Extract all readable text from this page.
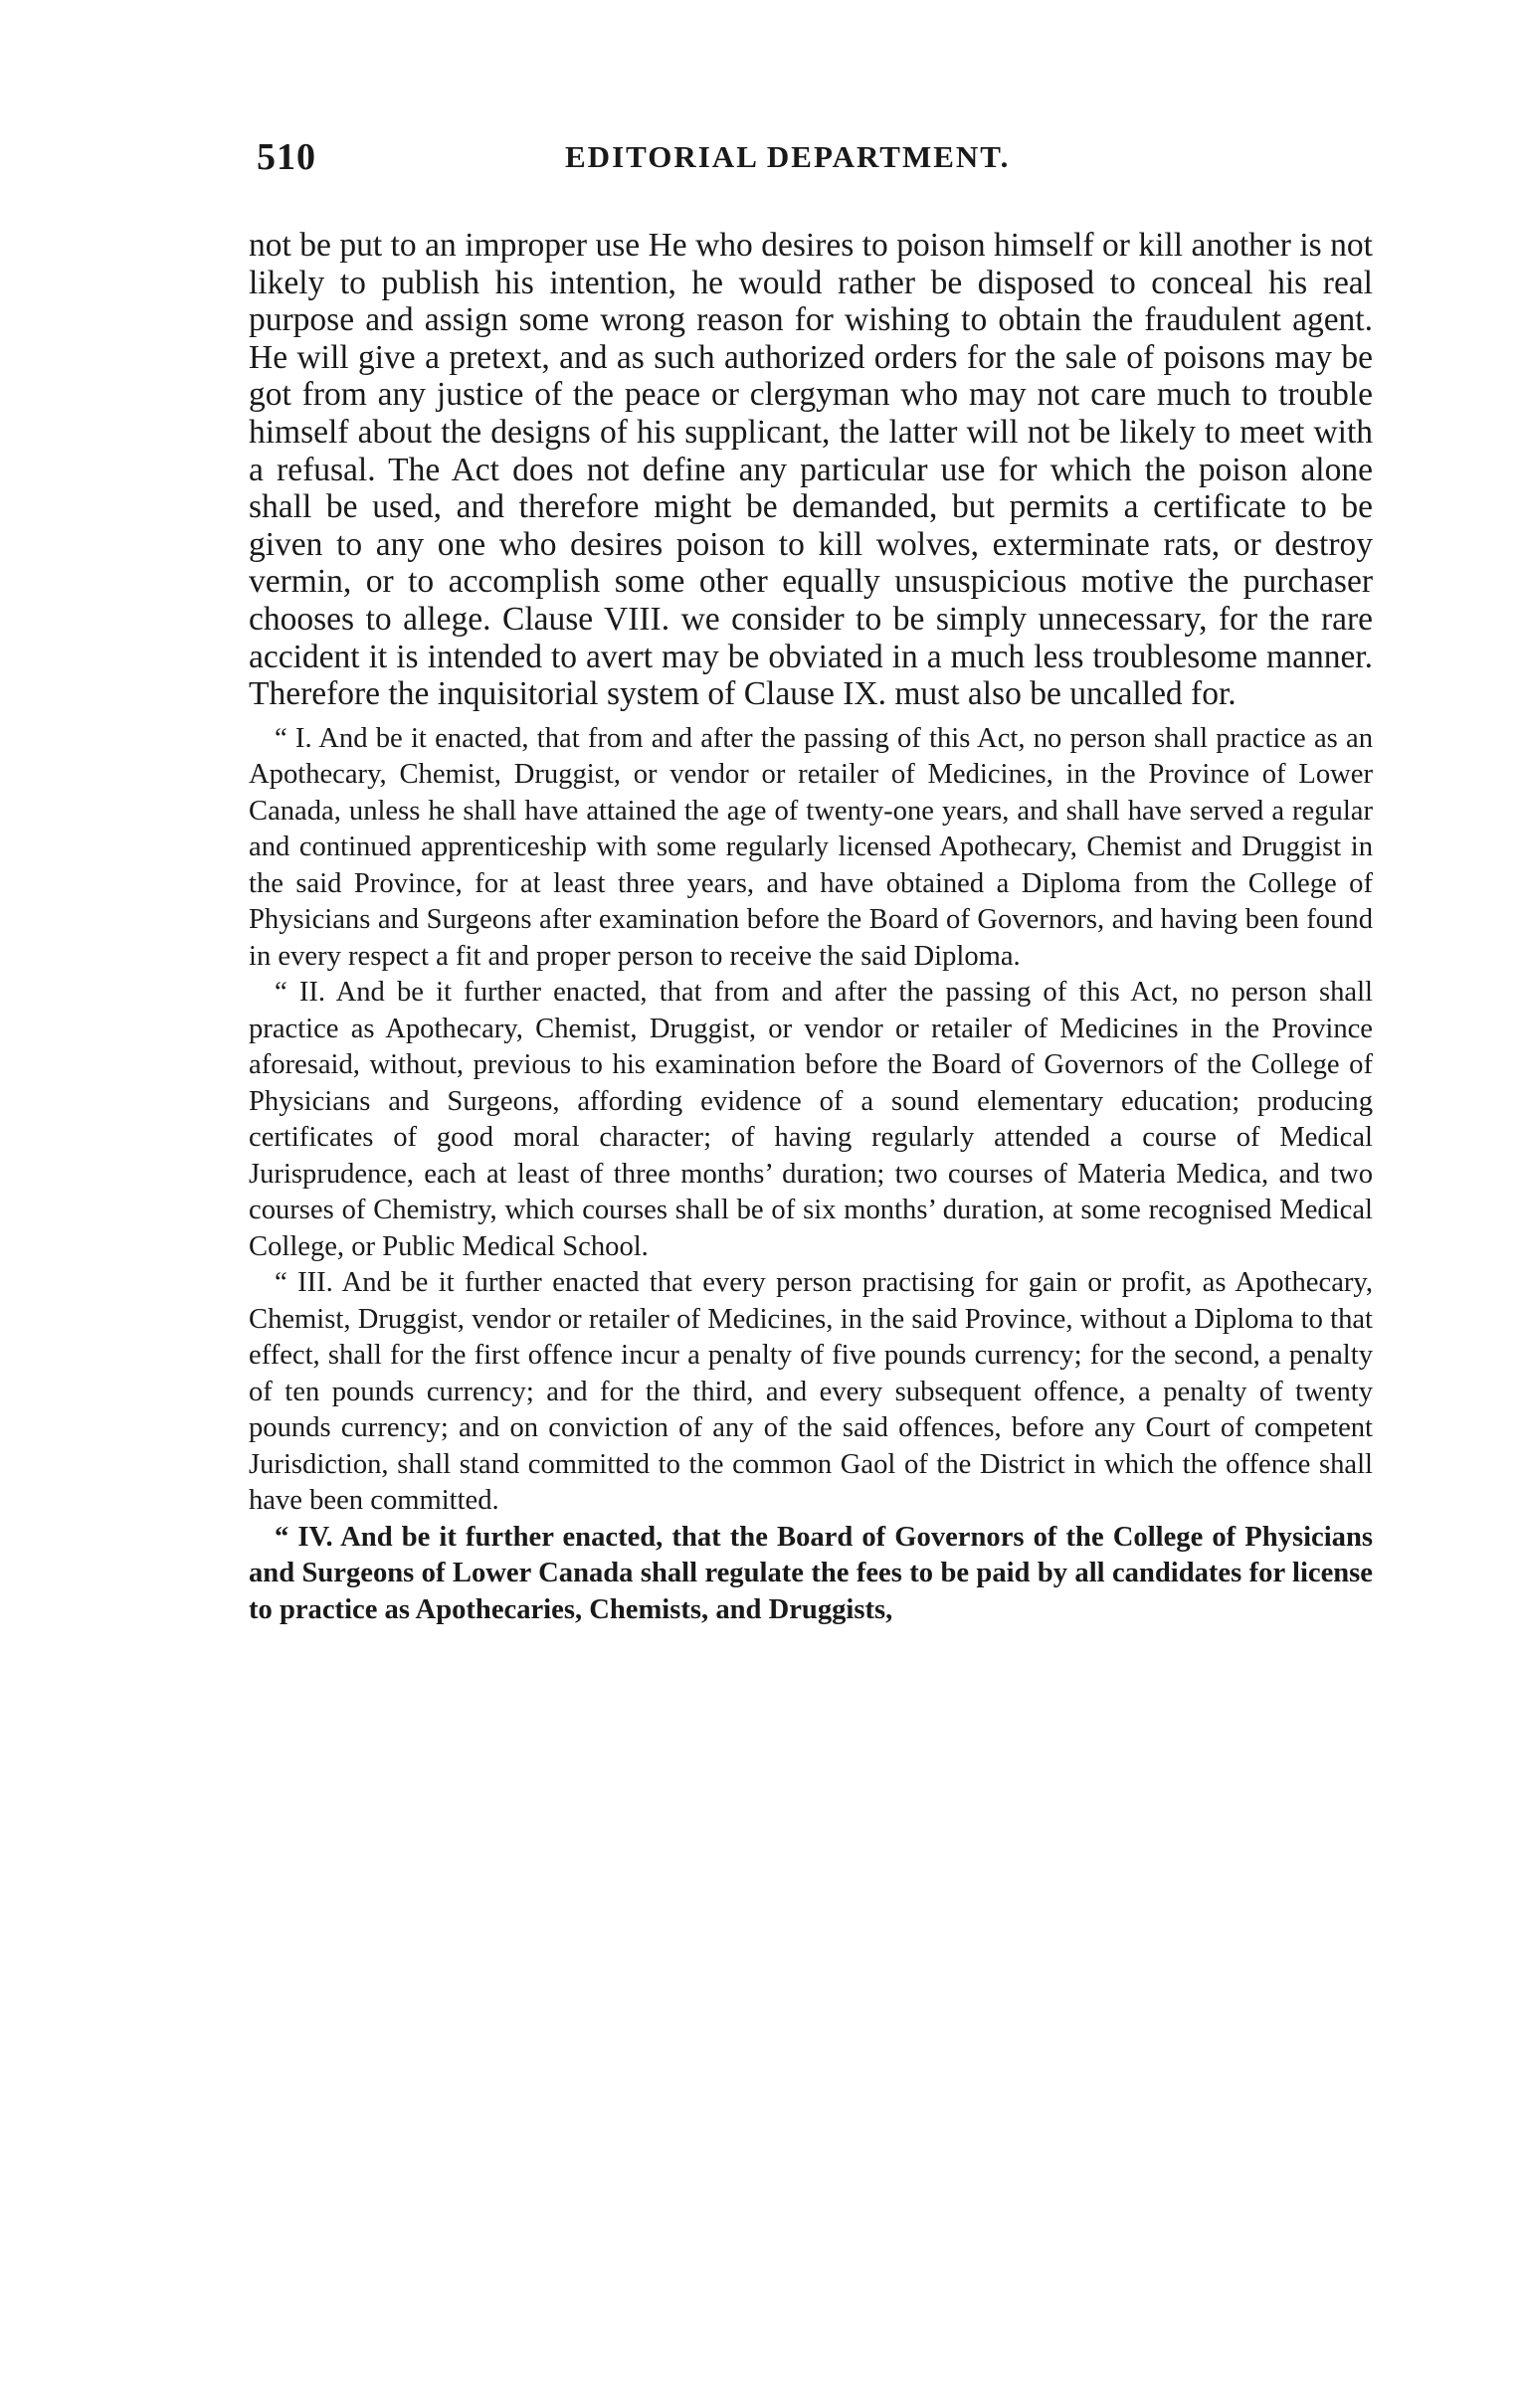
510	EDITORIAL DEPARTMENT.

not be put to an improper use He who desires to poison himself or kill another is not likely to publish his intention, he would rather be disposed to conceal his real purpose and assign some wrong reason for wishing to obtain the fraudulent agent. He will give a pretext, and as such authorized orders for the sale of poisons may be got from any justice of the peace or clergyman who may not care much to trouble himself about the designs of his supplicant, the latter will not be likely to meet with a refusal. The Act does not define any particular use for which the poison alone shall be used, and therefore might be demanded, but permits a certificate to be given to any one who desires poison to kill wolves, exterminate rats, or destroy vermin, or to accomplish some other equally unsuspicious motive the purchaser chooses to allege. Clause VIII. we consider to be simply unnecessary, for the rare accident it is intended to avert may be obviated in a much less troublesome manner. Therefore the inquisitorial system of Clause IX. must also be uncalled for.

“ I. And be it enacted, that from and after the passing of this Act, no person shall practice as an Apothecary, Chemist, Druggist, or vendor or retailer of Medicines, in the Province of Lower Canada, unless he shall have attained the age of twenty-one years, and shall have served a regular and continued apprenticeship with some regularly licensed Apothecary, Chemist and Druggist in the said Province, for at least three years, and have obtained a Diploma from the College of Physicians and Surgeons after examination before the Board of Governors, and having been found in every respect a fit and proper person to receive the said Diploma.

“ II. And be it further enacted, that from and after the passing of this Act, no person shall practice as Apothecary, Chemist, Druggist, or vendor or retailer of Medicines in the Province aforesaid, without, previous to his examination before the Board of Governors of the College of Physicians and Surgeons, affording evidence of a sound elementary education; producing certificates of good moral character; of having regularly attended a course of Medical Jurisprudence, each at least of three months’ duration; two courses of Materia Medica, and two courses of Chemistry, which courses shall be of six months’ duration, at some recognised Medical College, or Public Medical School.

“ III. And be it further enacted that every person practising for gain or profit, as Apothecary, Chemist, Druggist, vendor or retailer of Medicines, in the said Province, without a Diploma to that effect, shall for the first offence incur a penalty of five pounds currency; for the second, a penalty of ten pounds currency; and for the third, and every subsequent offence, a penalty of twenty pounds currency; and on conviction of any of the said offences, before any Court of competent Jurisdiction, shall stand committed to the common Gaol of the District in which the offence shall have been committed.

“ IV. And be it further enacted, that the Board of Governors of the College of Physicians and Surgeons of Lower Canada shall regulate the fees to be paid by all candidates for license to practice as Apothecaries, Chemists, and Druggists,
